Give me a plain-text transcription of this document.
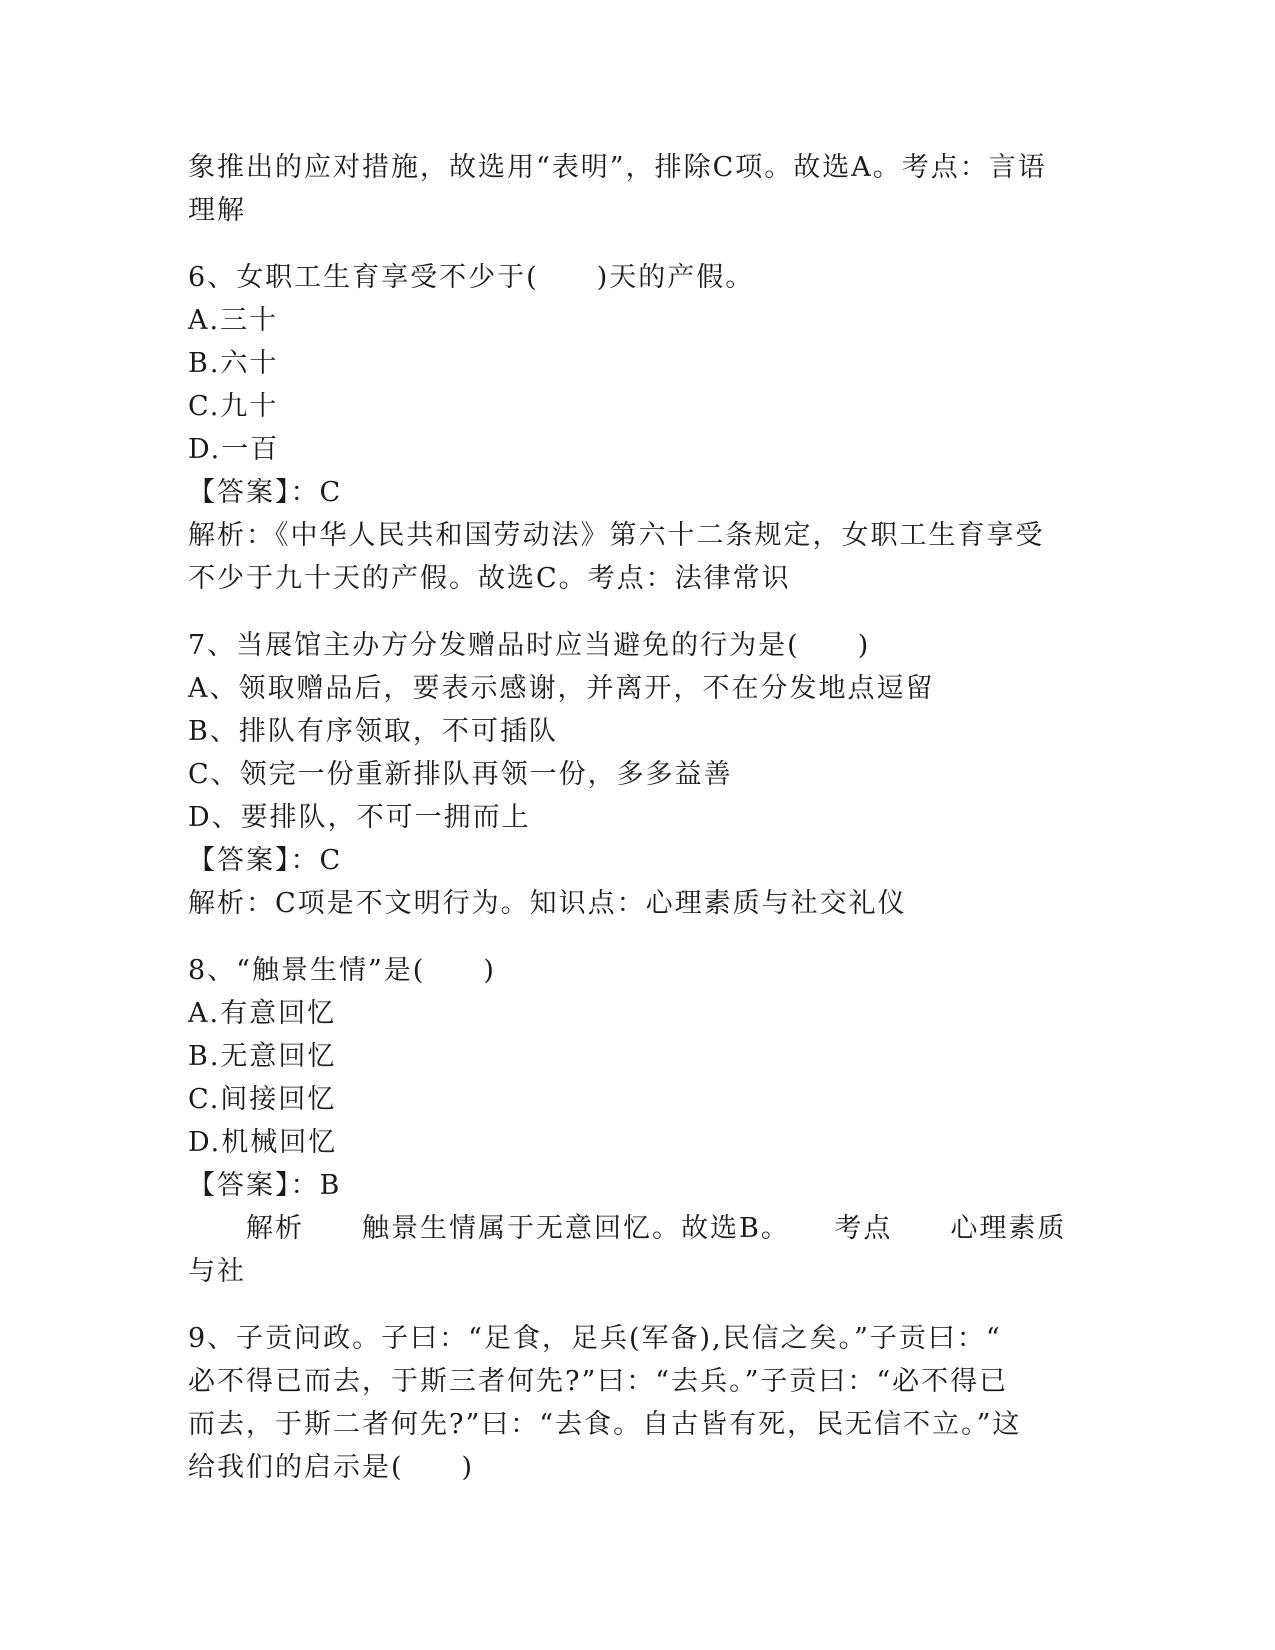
象推出的应对措施，故选用“表明”，排除C项。故选A。考点：言语
理解
6、女职工生育享受不少于(　　)天的产假。
A.三十
B.六十
C.九十
D.一百
【答案】：C
解析：《中华人民共和国劳动法》第六十二条规定，女职工生育享受
不少于九十天的产假。故选C。考点：法律常识
7、当展馆主办方分发赠品时应当避免的行为是(　　)
A、领取赠品后，要表示感谢，并离开，不在分发地点逗留
B、排队有序领取，不可插队
C、领完一份重新排队再领一份，多多益善
D、要排队，不可一拥而上
【答案】：C
解析：C项是不文明行为。知识点：心理素质与社交礼仪
8、“触景生情”是(　　)
A.有意回忆
B.无意回忆
C.间接回忆
D.机械回忆
【答案】：B
　　解析　　触景生情属于无意回忆。故选B。　　考点　　心理素质
与社
9、子贡问政。子曰：“足食，足兵(军备),民信之矣。”子贡曰：“
必不得已而去，于斯三者何先?”曰：“去兵。”子贡曰：“必不得已
而去，于斯二者何先?”曰：“去食。自古皆有死，民无信不立。”这
给我们的启示是(　　)
